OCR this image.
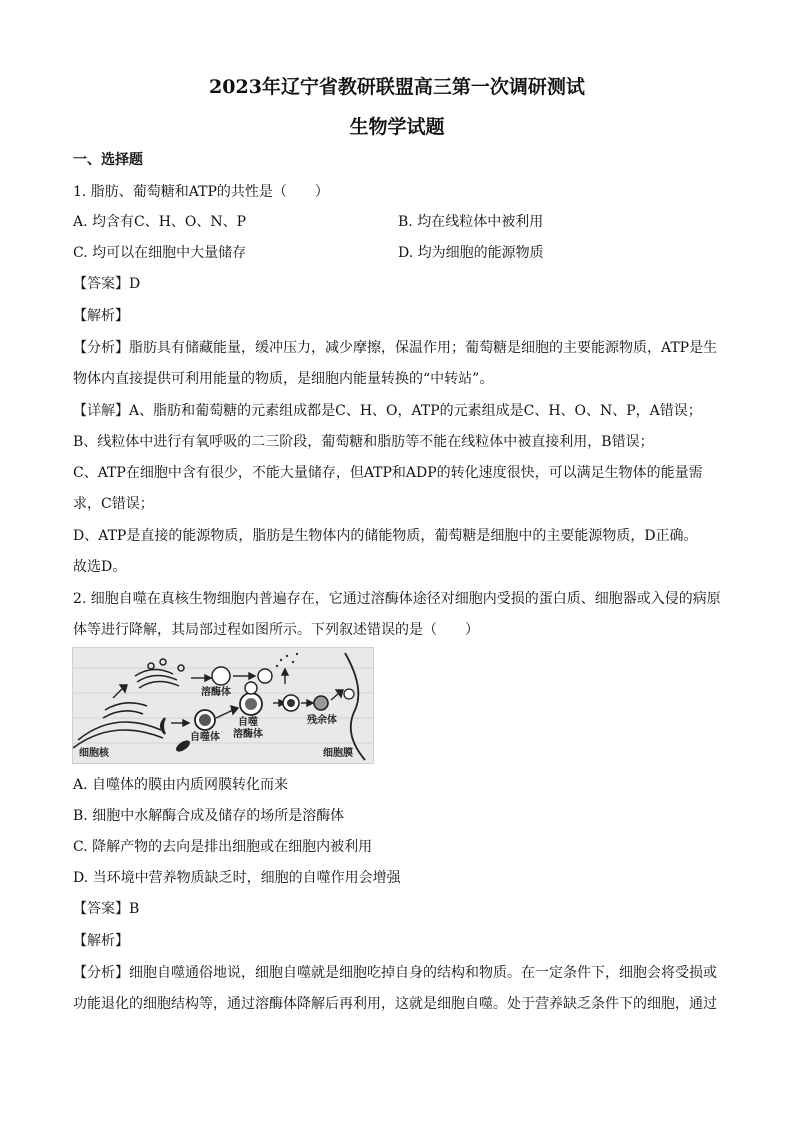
2023年辽宁省教研联盟高三第一次调研测试
生物学试题
一、选择题
1. 脂肪、葡萄糖和ATP的共性是（　　）
A. 均含有C、H、O、N、P	B. 均在线粒体中被利用
C. 均可以在细胞中大量储存	D. 均为细胞的能源物质
【答案】D
【解析】
【分析】脂肪具有储藏能量，缓冲压力，减少摩擦，保温作用；葡萄糖是细胞的主要能源物质，ATP是生
物体内直接提供可利用能量的物质，是细胞内能量转换的“中转站”。
【详解】A、脂肪和葡萄糖的元素组成都是C、H、O，ATP的元素组成是C、H、O、N、P，A错误；
B、线粒体中进行有氧呼吸的二三阶段，葡萄糖和脂肪等不能在线粒体中被直接利用，B错误；
C、ATP在细胞中含有很少，不能大量储存，但ATP和ADP的转化速度很快，可以满足生物体的能量需
求，C错误；
D、ATP是直接的能源物质，脂肪是生物体内的储能物质，葡萄糖是细胞中的主要能源物质，D正确。
故选D。
2. 细胞自噬在真核生物细胞内普遍存在，它通过溶酶体途径对细胞内受损的蛋白质、细胞器或入侵的病原
体等进行降解，其局部过程如图所示。下列叙述错误的是（　　）
溶酶体
细胞核
自噬体
自噬
溶酶体
残余体
细胞膜
A. 自噬体的膜由内质网膜转化而来
B. 细胞中水解酶合成及储存的场所是溶酶体
C. 降解产物的去向是排出细胞或在细胞内被利用
D. 当环境中营养物质缺乏时，细胞的自噬作用会增强
【答案】B
【解析】
【分析】细胞自噬通俗地说，细胞自噬就是细胞吃掉自身的结构和物质。在一定条件下，细胞会将受损或
功能退化的细胞结构等，通过溶酶体降解后再利用，这就是细胞自噬。处于营养缺乏条件下的细胞，通过
